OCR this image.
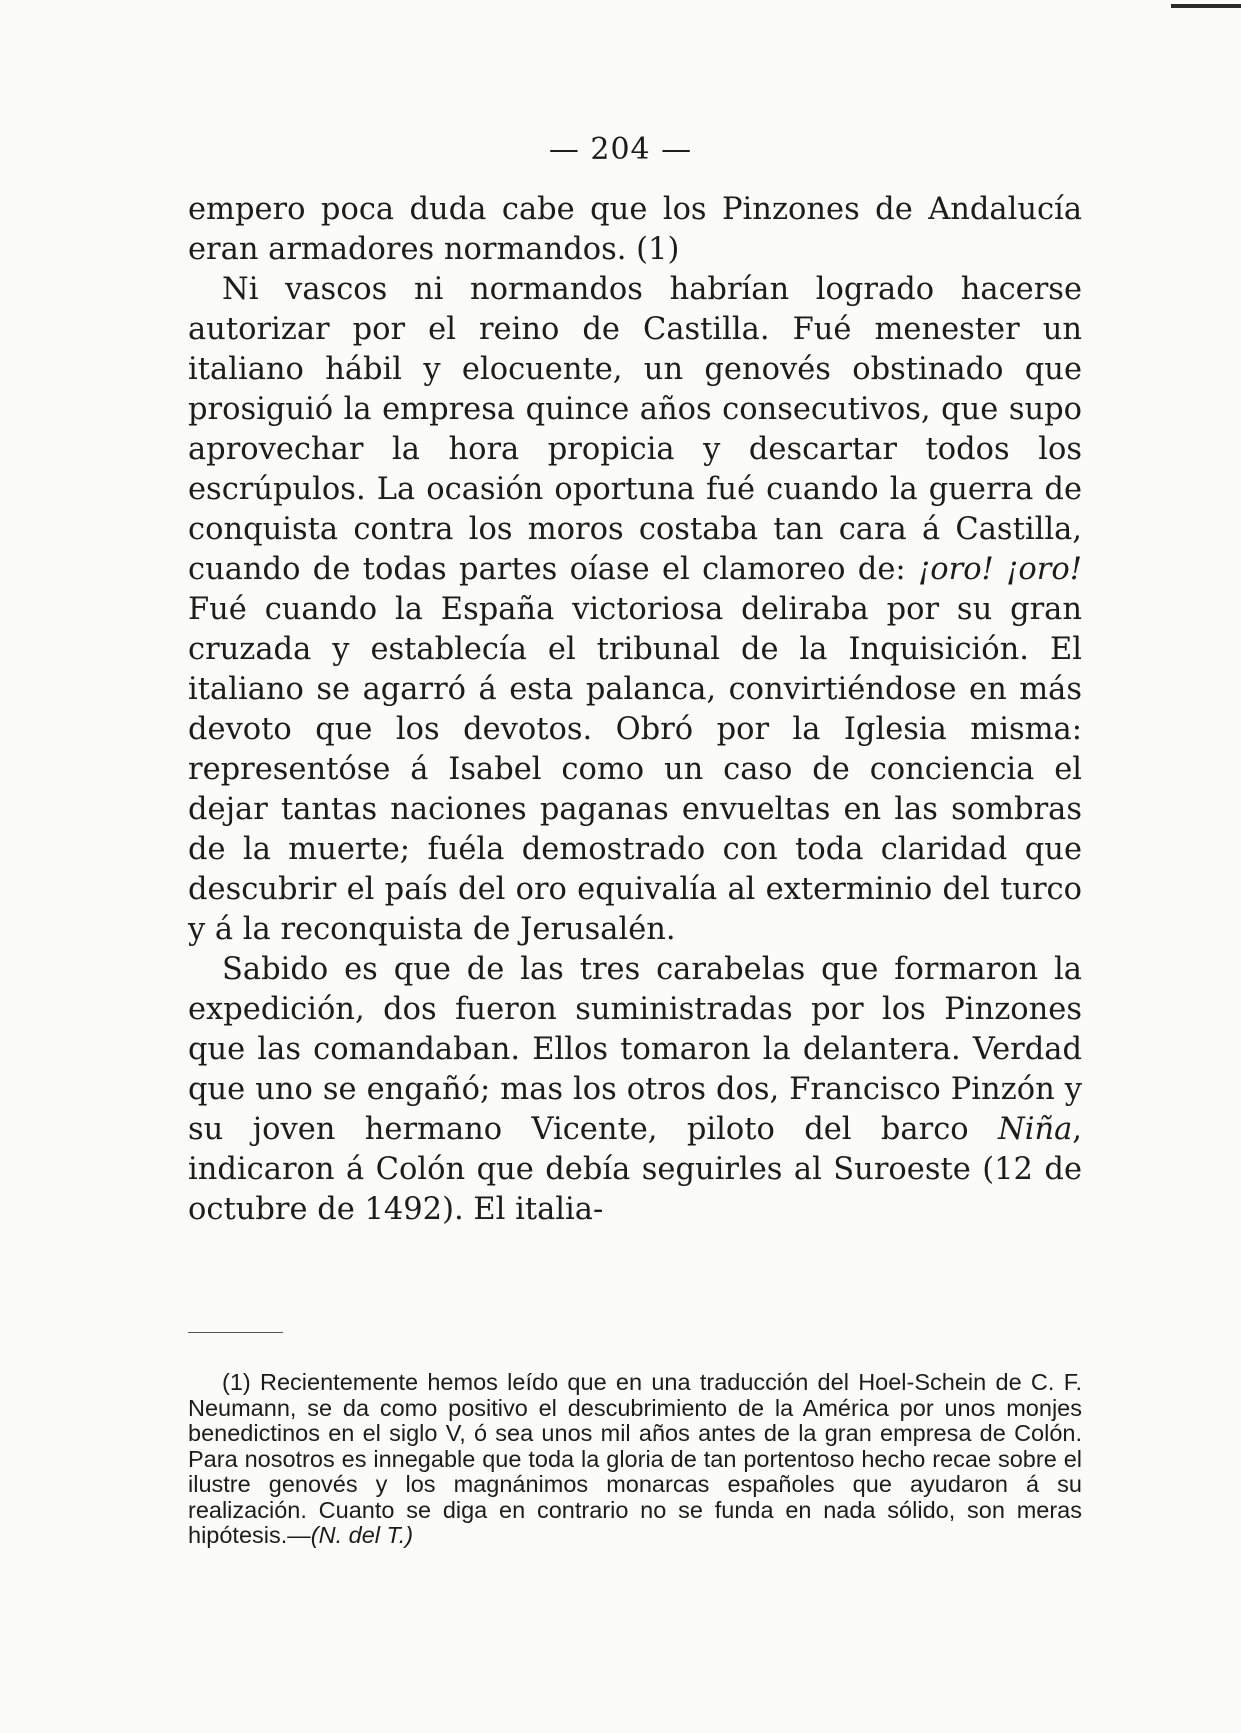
— 204 —

empero poca duda cabe que los Pinzones de Andalucía eran armadores normandos. (1)

Ni vascos ni normandos habrían logrado hacerse autorizar por el reino de Castilla. Fué menester un italiano hábil y elocuente, un genovés obstinado que prosiguió la empresa quince años consecutivos, que supo aprovechar la hora propicia y descartar todos los escrúpulos. La ocasión oportuna fué cuando la guerra de conquista contra los moros costaba tan cara á Castilla, cuando de todas partes oíase el clamoreo de: ¡oro! ¡oro! Fué cuando la España victoriosa deliraba por su gran cruzada y establecía el tribunal de la Inquisición. El italiano se agarró á esta palanca, convirtiéndose en más devoto que los devotos. Obró por la Iglesia misma: representóse á Isabel como un caso de conciencia el dejar tantas naciones paganas envueltas en las sombras de la muerte; fuéla demostrado con toda claridad que descubrir el país del oro equivalía al exterminio del turco y á la reconquista de Jerusalén.

Sabido es que de las tres carabelas que formaron la expedición, dos fueron suministradas por los Pinzones que las comandaban. Ellos tomaron la delantera. Verdad que uno se engañó; mas los otros dos, Francisco Pinzón y su joven hermano Vicente, piloto del barco Niña, indicaron á Colón que debía seguirles al Suroeste (12 de octubre de 1492). El italia-

(1) Recientemente hemos leído que en una traducción del Hoel-Schein de C. F. Neumann, se da como positivo el descubrimiento de la América por unos monjes benedictinos en el siglo V, ó sea unos mil años antes de la gran empresa de Colón. Para nosotros es innegable que toda la gloria de tan portentoso hecho recae sobre el ilustre genovés y los magnánimos monarcas españoles que ayudaron á su realización. Cuanto se diga en contrario no se funda en nada sólido, son meras hipótesis.—(N. del T.)
